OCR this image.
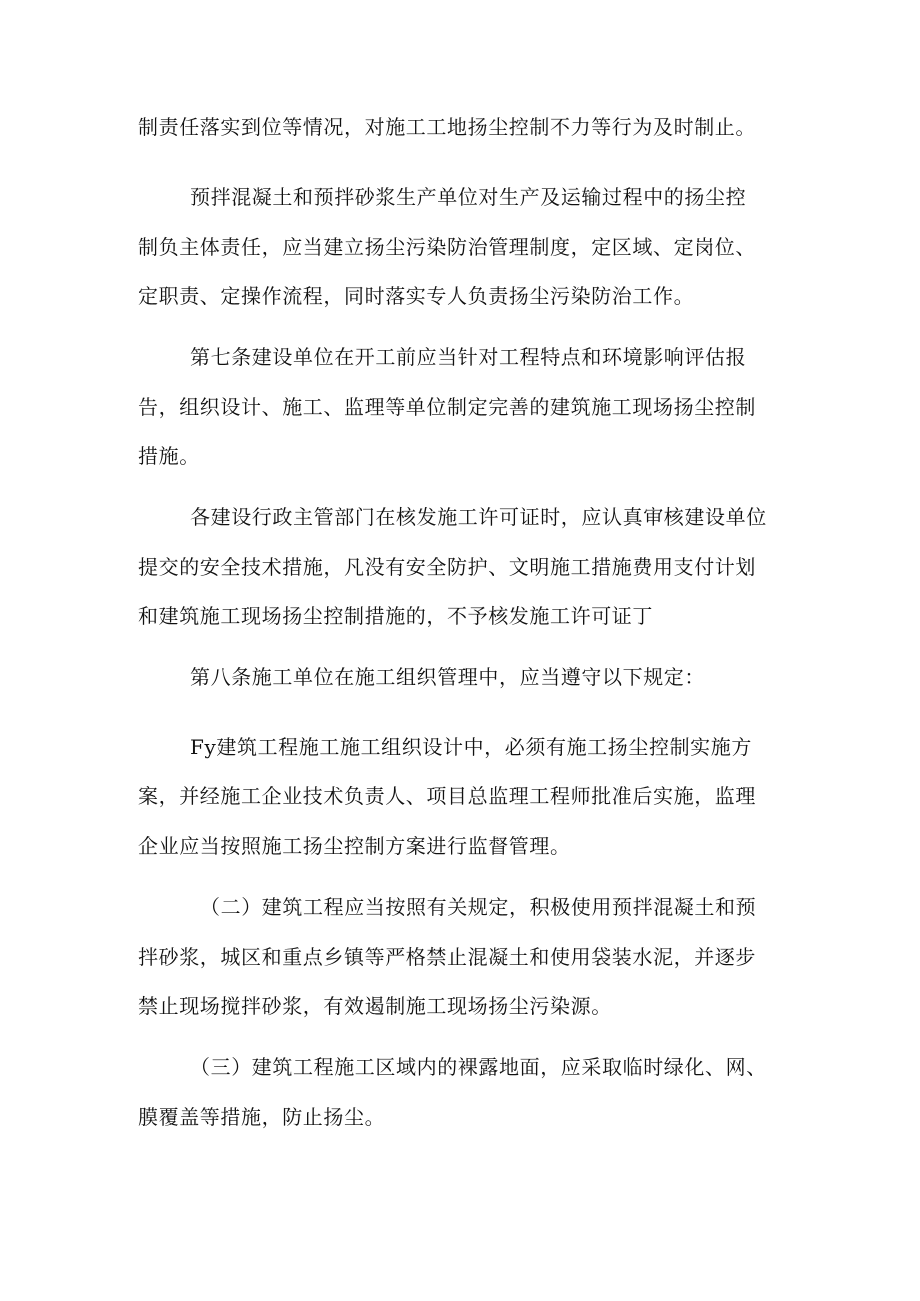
制责任落实到位等情况，对施工工地扬尘控制不力等行为及时制止。
预拌混凝土和预拌砂浆生产单位对生产及运输过程中的扬尘控
制负主体责任，应当建立扬尘污染防治管理制度，定区域、定岗位、
定职责、定操作流程，同时落实专人负责扬尘污染防治工作。
第七条建设单位在开工前应当针对工程特点和环境影响评估报
告，组织设计、施工、监理等单位制定完善的建筑施工现场扬尘控制
措施。
各建设行政主管部门在核发施工许可证时，应认真审核建设单位
提交的安全技术措施，凡没有安全防护、文明施工措施费用支付计划
和建筑施工现场扬尘控制措施的，不予核发施工许可证丁
第八条施工单位在施工组织管理中，应当遵守以下规定：
Fy建筑工程施工施工组织设计中，必须有施工扬尘控制实施方
案，并经施工企业技术负责人、项目总监理工程师批准后实施，监理
企业应当按照施工扬尘控制方案进行监督管理。
（二）建筑工程应当按照有关规定，积极使用预拌混凝土和预
拌砂浆，城区和重点乡镇等严格禁止混凝土和使用袋装水泥，并逐步
禁止现场搅拌砂浆，有效遏制施工现场扬尘污染源。
（三）建筑工程施工区域内的裸露地面，应采取临时绿化、网、
膜覆盖等措施，防止扬尘。
